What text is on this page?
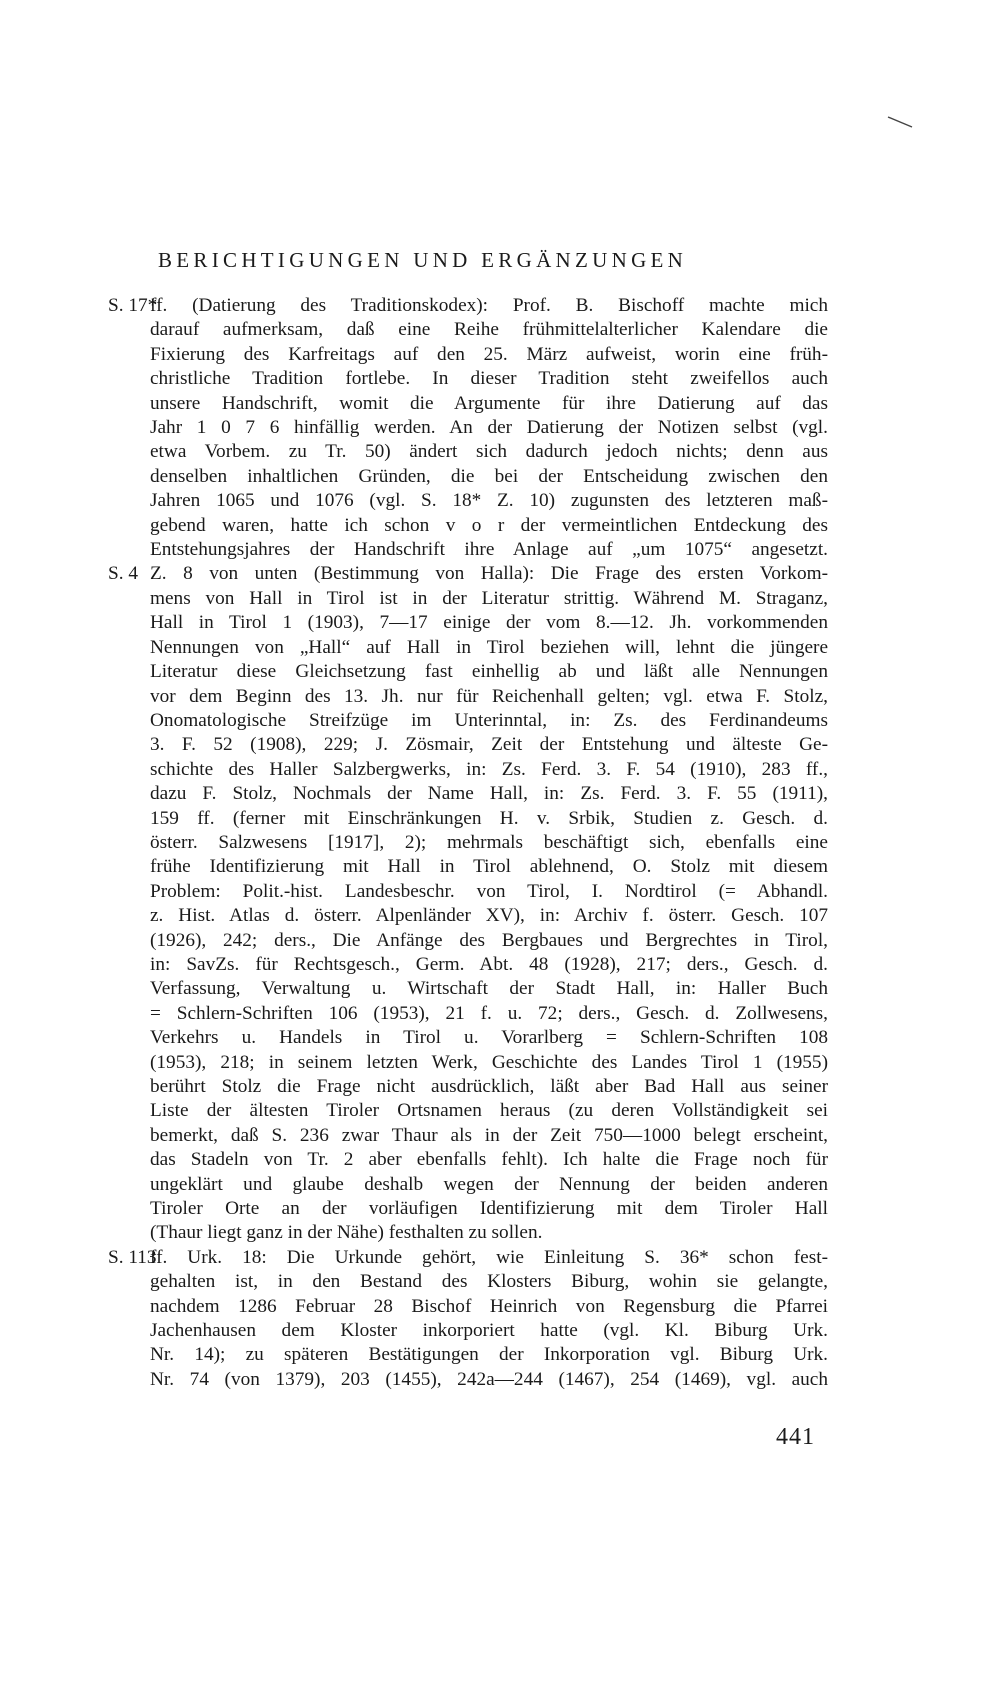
BERICHTIGUNGEN UND ERGÄNZUNGEN
S. 17*
ff. (Datierung des Traditionskodex): Prof. B. Bischoff machte mich
darauf aufmerksam, daß eine Reihe frühmittelalterlicher Kalendare die
Fixierung des Karfreitags auf den 25. März aufweist, worin eine früh-
christliche Tradition fortlebe. In dieser Tradition steht zweifellos auch
unsere Handschrift, womit die Argumente für ihre Datierung auf das
Jahr 1 0 7 6 hinfällig werden. An der Datierung der Notizen selbst (vgl.
etwa Vorbem. zu Tr. 50) ändert sich dadurch jedoch nichts; denn aus
denselben inhaltlichen Gründen, die bei der Entscheidung zwischen den
Jahren 1065 und 1076 (vgl. S. 18* Z. 10) zugunsten des letzteren maß-
gebend waren, hatte ich schon v o r der vermeintlichen Entdeckung des
Entstehungsjahres der Handschrift ihre Anlage auf „um 1075“ angesetzt.
S. 4 Z. 8 von unten (Bestimmung von Halla): Die Frage des ersten Vorkom-
mens von Hall in Tirol ist in der Literatur strittig. Während M. Straganz,
Hall in Tirol 1 (1903), 7—17 einige der vom 8.—12. Jh. vorkommenden
Nennungen von „Hall“ auf Hall in Tirol beziehen will, lehnt die jüngere
Literatur diese Gleichsetzung fast einhellig ab und läßt alle Nennungen
vor dem Beginn des 13. Jh. nur für Reichenhall gelten; vgl. etwa F. Stolz,
Onomatologische Streifzüge im Unterinntal, in: Zs. des Ferdinandeums
3. F. 52 (1908), 229; J. Zösmair, Zeit der Entstehung und älteste Ge-
schichte des Haller Salzbergwerks, in: Zs. Ferd. 3. F. 54 (1910), 283 ff.,
dazu F. Stolz, Nochmals der Name Hall, in: Zs. Ferd. 3. F. 55 (1911),
159 ff. (ferner mit Einschränkungen H. v. Srbik, Studien z. Gesch. d.
österr. Salzwesens [1917], 2); mehrmals beschäftigt sich, ebenfalls eine
frühe Identifizierung mit Hall in Tirol ablehnend, O. Stolz mit diesem
Problem: Polit.-hist. Landesbeschr. von Tirol, I. Nordtirol (= Abhandl.
z. Hist. Atlas d. österr. Alpenländer XV), in: Archiv f. österr. Gesch. 107
(1926), 242; ders., Die Anfänge des Bergbaues und Bergrechtes in Tirol,
in: SavZs. für Rechtsgesch., Germ. Abt. 48 (1928), 217; ders., Gesch. d.
Verfassung, Verwaltung u. Wirtschaft der Stadt Hall, in: Haller Buch
= Schlern-Schriften 106 (1953), 21 f. u. 72; ders., Gesch. d. Zollwesens,
Verkehrs u. Handels in Tirol u. Vorarlberg = Schlern-Schriften 108
(1953), 218; in seinem letzten Werk, Geschichte des Landes Tirol 1 (1955)
berührt Stolz die Frage nicht ausdrücklich, läßt aber Bad Hall aus seiner
Liste der ältesten Tiroler Ortsnamen heraus (zu deren Vollständigkeit sei
bemerkt, daß S. 236 zwar Thaur als in der Zeit 750—1000 belegt erscheint,
das Stadeln von Tr. 2 aber ebenfalls fehlt). Ich halte die Frage noch für
ungeklärt und glaube deshalb wegen der Nennung der beiden anderen
Tiroler Orte an der vorläufigen Identifizierung mit dem Tiroler Hall
(Thaur liegt ganz in der Nähe) festhalten zu sollen.
S. 113
ff. Urk. 18: Die Urkunde gehört, wie Einleitung S. 36* schon fest-
gehalten ist, in den Bestand des Klosters Biburg, wohin sie gelangte,
nachdem 1286 Februar 28 Bischof Heinrich von Regensburg die Pfarrei
Jachenhausen dem Kloster inkorporiert hatte (vgl. Kl. Biburg Urk.
Nr. 14); zu späteren Bestätigungen der Inkorporation vgl. Biburg Urk.
Nr. 74 (von 1379), 203 (1455), 242a—244 (1467), 254 (1469), vgl. auch
441
